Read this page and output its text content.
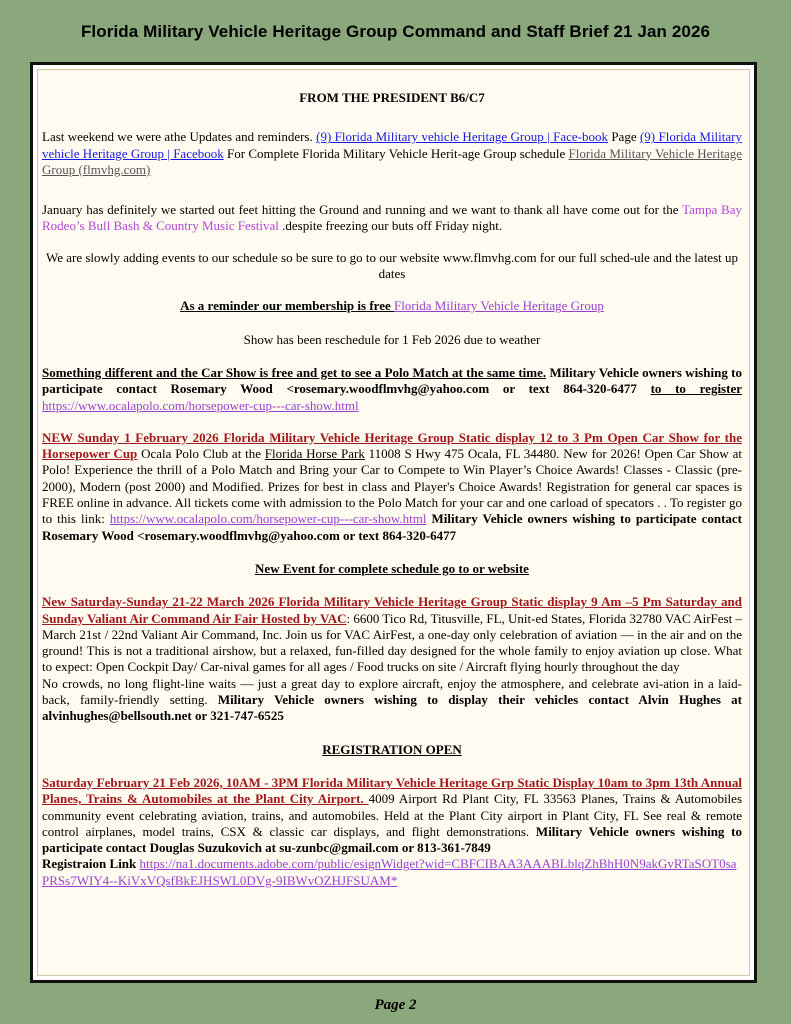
Florida Military Vehicle Heritage Group Command and Staff Brief 21 Jan 2026

FROM THE PRESIDENT B6/C7

Last weekend we were athe Updates and reminders. (9) Florida Military vehicle Heritage Group | Face-book Page (9) Florida Military vehicle Heritage Group | Facebook For Complete Florida Military Vehicle Herit-age Group schedule Florida Military Vehicle Heritage Group (flmvhg.com)

January has definitely we started out feet hitting the Ground and running and we want to thank all have come out for the Tampa Bay Rodeo’s Bull Bash & Country Music Festival .despite freezing our buts off Friday night.

We are slowly adding events to our schedule so be sure to go to our website www.flmvhg.com for our full sched-ule and the latest up dates

As a reminder our membership is free Florida Military Vehicle Heritage Group

Show has been reschedule for 1 Feb 2026 due to weather

Something different and the Car Show is free and get to see a Polo Match at the same time. Military Vehicle owners wishing to participate contact Rosemary Wood <rosemary.woodflmvhg@yahoo.com or text 864-320-6477 to to register https://www.ocalapolo.com/horsepower-cup---car-show.html

NEW Sunday 1 February 2026 Florida Military Vehicle Heritage Group Static display 12 to 3 Pm Open Car Show for the Horsepower Cup Ocala Polo Club at the Florida Horse Park 11008 S Hwy 475 Ocala, FL 34480. New for 2026! Open Car Show at Polo! Experience the thrill of a Polo Match and Bring your Car to Compete to Win Player’s Choice Awards! Classes - Classic (pre-2000), Modern (post 2000) and Modified. Prizes for best in class and Player's Choice Awards! Registration for general car spaces is FREE online in advance. All tickets come with admission to the Polo Match for your car and one carload of specators . . To register go to this link: https://www.ocalapolo.com/horsepower-cup---car-show.html Military Vehicle owners wishing to participate contact Rosemary Wood <rosemary.woodflmvhg@yahoo.com or text 864-320-6477

New Event for complete schedule go to or website

New Saturday-Sunday 21-22 March 2026 Florida Military Vehicle Heritage Group Static display 9 Am –5 Pm Saturday and Sunday Valiant Air Command Air Fair Hosted by VAC: 6600 Tico Rd, Titusville, FL, Unit-ed States, Florida 32780 VAC AirFest – March 21st / 22nd Valiant Air Command, Inc. Join us for VAC AirFest, a one-day only celebration of aviation — in the air and on the ground! This is not a traditional airshow, but a relaxed, fun-filled day designed for the whole family to enjoy aviation up close. What to expect: Open Cockpit Day/ Car-nival games for all ages / Food trucks on site / Aircraft flying hourly throughout the day

No crowds, no long flight-line waits — just a great day to explore aircraft, enjoy the atmosphere, and celebrate avi-ation in a laid-back, family-friendly setting. Military Vehicle owners wishing to display their vehicles contact Alvin Hughes at alvinhughes@bellsouth.net or 321-747-6525

REGISTRATION OPEN

Saturday February 21 Feb 2026, 10AM - 3PM Florida Military Vehicle Heritage Grp Static Display 10am to 3pm 13th Annual Planes, Trains & Automobiles at the Plant City Airport. 4009 Airport Rd Plant City, FL 33563 Planes, Trains & Automobiles community event celebrating aviation, trains, and automobiles. Held at the Plant City airport in Plant City, FL See real & remote control airplanes, model trains, CSX & classic car displays, and flight demonstrations. Military Vehicle owners wishing to participate contact Douglas Suzukovich at su-zunbc@gmail.com or 813-361-7849

Registraion Link https://na1.documents.adobe.com/public/esignWidget?wid=CBFCIBAA3AAABLblqZhBhH0N9akGvRTaSOT0saPRSs7WIY4--KiVxVQsfBkEJHSWL0DVg-9IBWvOZHJFSUAM*

Page 2
